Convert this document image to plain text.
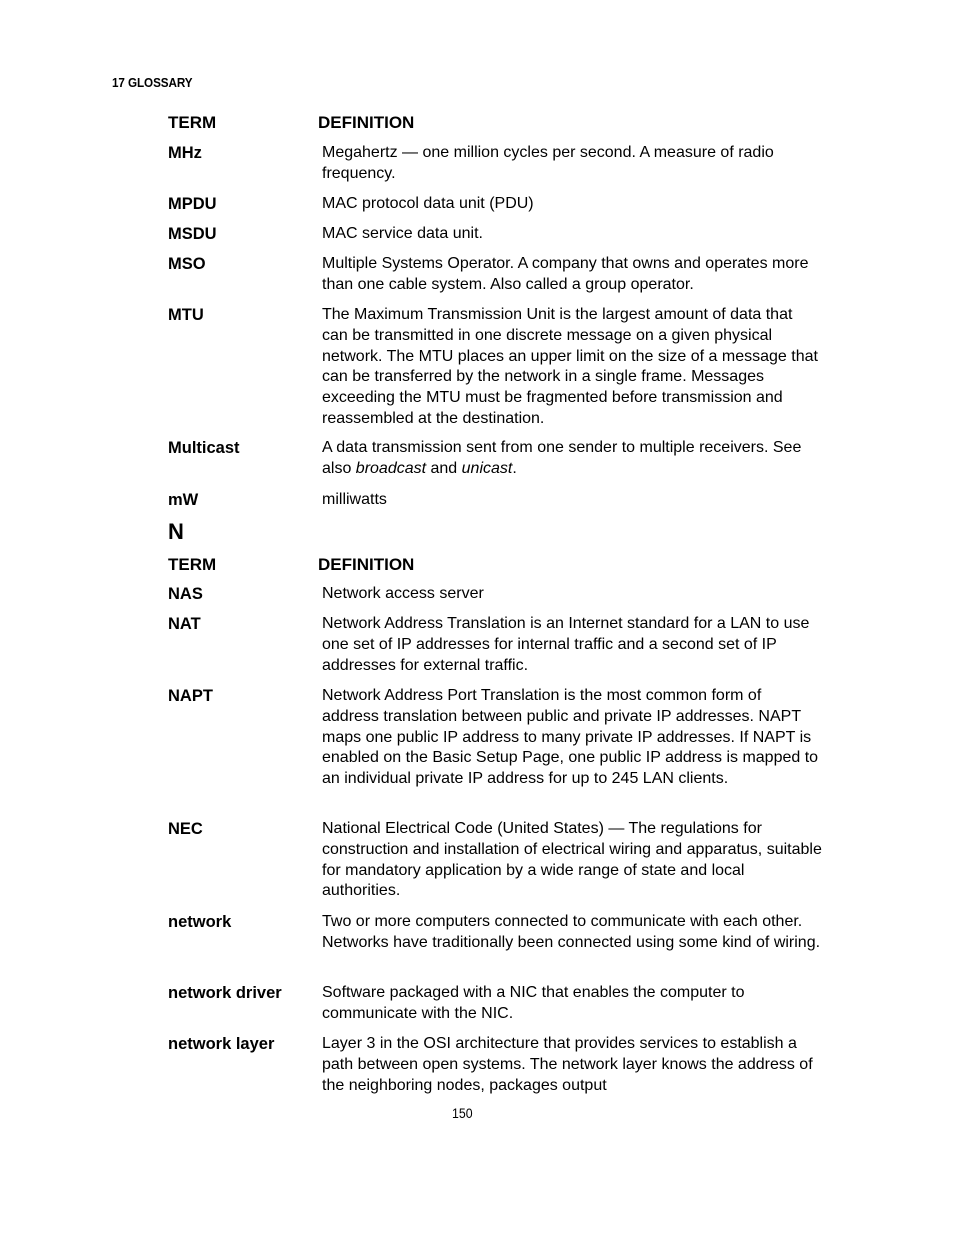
17 GLOSSARY
TERM	DEFINITION
MHz	Megahertz — one million cycles per second. A measure of radio frequency.
MPDU	MAC protocol data unit (PDU)
MSDU	MAC service data unit.
MSO	Multiple Systems Operator. A company that owns and operates more than one cable system. Also called a group operator.
MTU	The Maximum Transmission Unit is the largest amount of data that can be transmitted in one discrete message on a given physical network. The MTU places an upper limit on the size of a message that can be transferred by the network in a single frame. Messages exceeding the MTU must be fragmented before transmission and reassembled at the destination.
Multicast	A data transmission sent from one sender to multiple receivers. See also broadcast and unicast.
mW	milliwatts
N
TERM	DEFINITION
NAS	Network access server
NAT	Network Address Translation is an Internet standard for a LAN to use one set of IP addresses for internal traffic and a second set of IP addresses for external traffic.
NAPT	Network Address Port Translation is the most common form of address translation between public and private IP addresses. NAPT maps one public IP address to many private IP addresses. If NAPT is enabled on the Basic Setup Page, one public IP address is mapped to an individual private IP address for up to 245 LAN clients.
NEC	National Electrical Code (United States) — The regulations for construction and installation of electrical wiring and apparatus, suitable for mandatory application by a wide range of state and local authorities.
network	Two or more computers connected to communicate with each other. Networks have traditionally been connected using some kind of wiring.
network driver	Software packaged with a NIC that enables the computer to communicate with the NIC.
network layer	Layer 3 in the OSI architecture that provides services to establish a path between open systems. The network layer knows the address of the neighboring nodes, packages output
150
